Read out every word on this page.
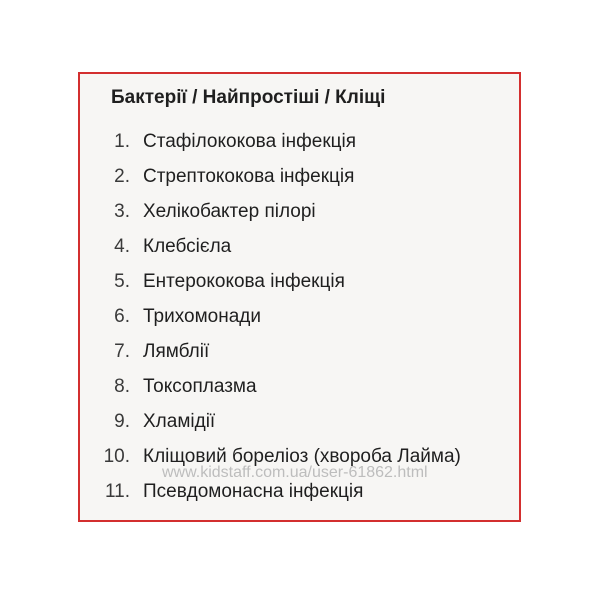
Бактерії / Найпростіші / Кліщі
1. Стафілококова інфекція
2. Стрептококова інфекція
3. Хелікобактер пілорі
4. Клебсієла
5. Ентерококова інфекція
6. Трихомонади
7. Лямблії
8. Токсоплазма
9. Хламідії
10. Кліщовий бореліоз (хвороба Лайма)
11. Псевдомонасна інфекція
www.kidstaff.com.ua/user-61862.html
